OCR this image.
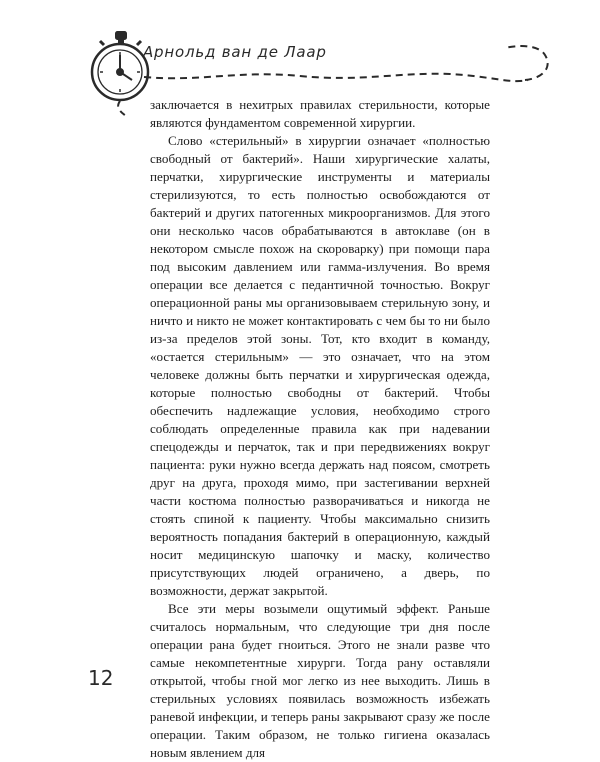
Арнольд ван де Лаар

заключается в нехитрых правилах стерильности, которые являются фундаментом современной хирургии.

Слово «стерильный» в хирургии означает «полностью свободный от бактерий». Наши хирургические халаты, перчатки, хирургические инструменты и материалы стерилизуются, то есть полностью освобождаются от бактерий и других патогенных микроорганизмов. Для этого они несколько часов обрабатываются в автоклаве (он в некотором смысле похож на скороварку) при помощи пара под высоким давлением или гамма-излучения. Во время операции все делается с педантичной точностью. Вокруг операционной раны мы организовываем стерильную зону, и ничто и никто не может контактировать с чем бы то ни было из-за пределов этой зоны. Тот, кто входит в команду, «остается стерильным» — это означает, что на этом человеке должны быть перчатки и хирургическая одежда, которые полностью свободны от бактерий. Чтобы обеспечить надлежащие условия, необходимо строго соблюдать определенные правила как при надевании спецодежды и перчаток, так и при передвижениях вокруг пациента: руки нужно всегда держать над поясом, смотреть друг на друга, проходя мимо, при застегивании верхней части костюма полностью разворачиваться и никогда не стоять спиной к пациенту. Чтобы максимально снизить вероятность попадания бактерий в операционную, каждый носит медицинскую шапочку и маску, количество присутствующих людей ограничено, а дверь, по возможности, держат закрытой.

Все эти меры возымели ощутимый эффект. Раньше считалось нормальным, что следующие три дня после операции рана будет гноиться. Этого не знали разве что самые некомпетентные хирурги. Тогда рану оставляли открытой, чтобы гной мог легко из нее выходить. Лишь в стерильных условиях появилась возможность избежать раневой инфекции, и теперь раны закрывают сразу же после операции. Таким образом, не только гигиена оказалась новым явлением для

12
